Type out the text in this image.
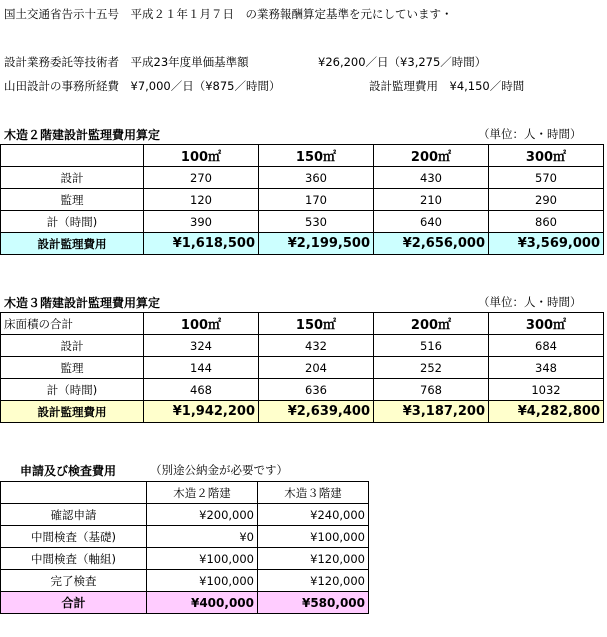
国土交通省告示十五号　平成２１年１月７日　の業務報酬算定基準を元にしています・
設計業務委託等技術者　平成23年度単価基準額	¥26,200／日（¥3,275／時間）
山田設計の事務所経費　¥7,000／日（¥875／時間）	設計監理費用　¥4,150／時間
木造２階建設計監理費用算定	（単位：人・時間）
	100㎡	150㎡	200㎡	300㎡
設計	270	360	430	570
監理	120	170	210	290
計（時間)	390	530	640	860
設計監理費用	¥1,618,500	¥2,199,500	¥2,656,000	¥3,569,000
木造３階建設計監理費用算定	（単位：人・時間）
床面積の合計	100㎡	150㎡	200㎡	300㎡
設計	324	432	516	684
監理	144	204	252	348
計（時間)	468	636	768	1032
設計監理費用	¥1,942,200	¥2,639,400	¥3,187,200	¥4,282,800
申請及び検査費用	（別途公納金が必要です）
	木造２階建	木造３階建
確認申請	¥200,000	¥240,000
中間検査（基礎)	¥0	¥100,000
中間検査（軸組)	¥100,000	¥120,000
完了検査	¥100,000	¥120,000
合計	¥400,000	¥580,000
